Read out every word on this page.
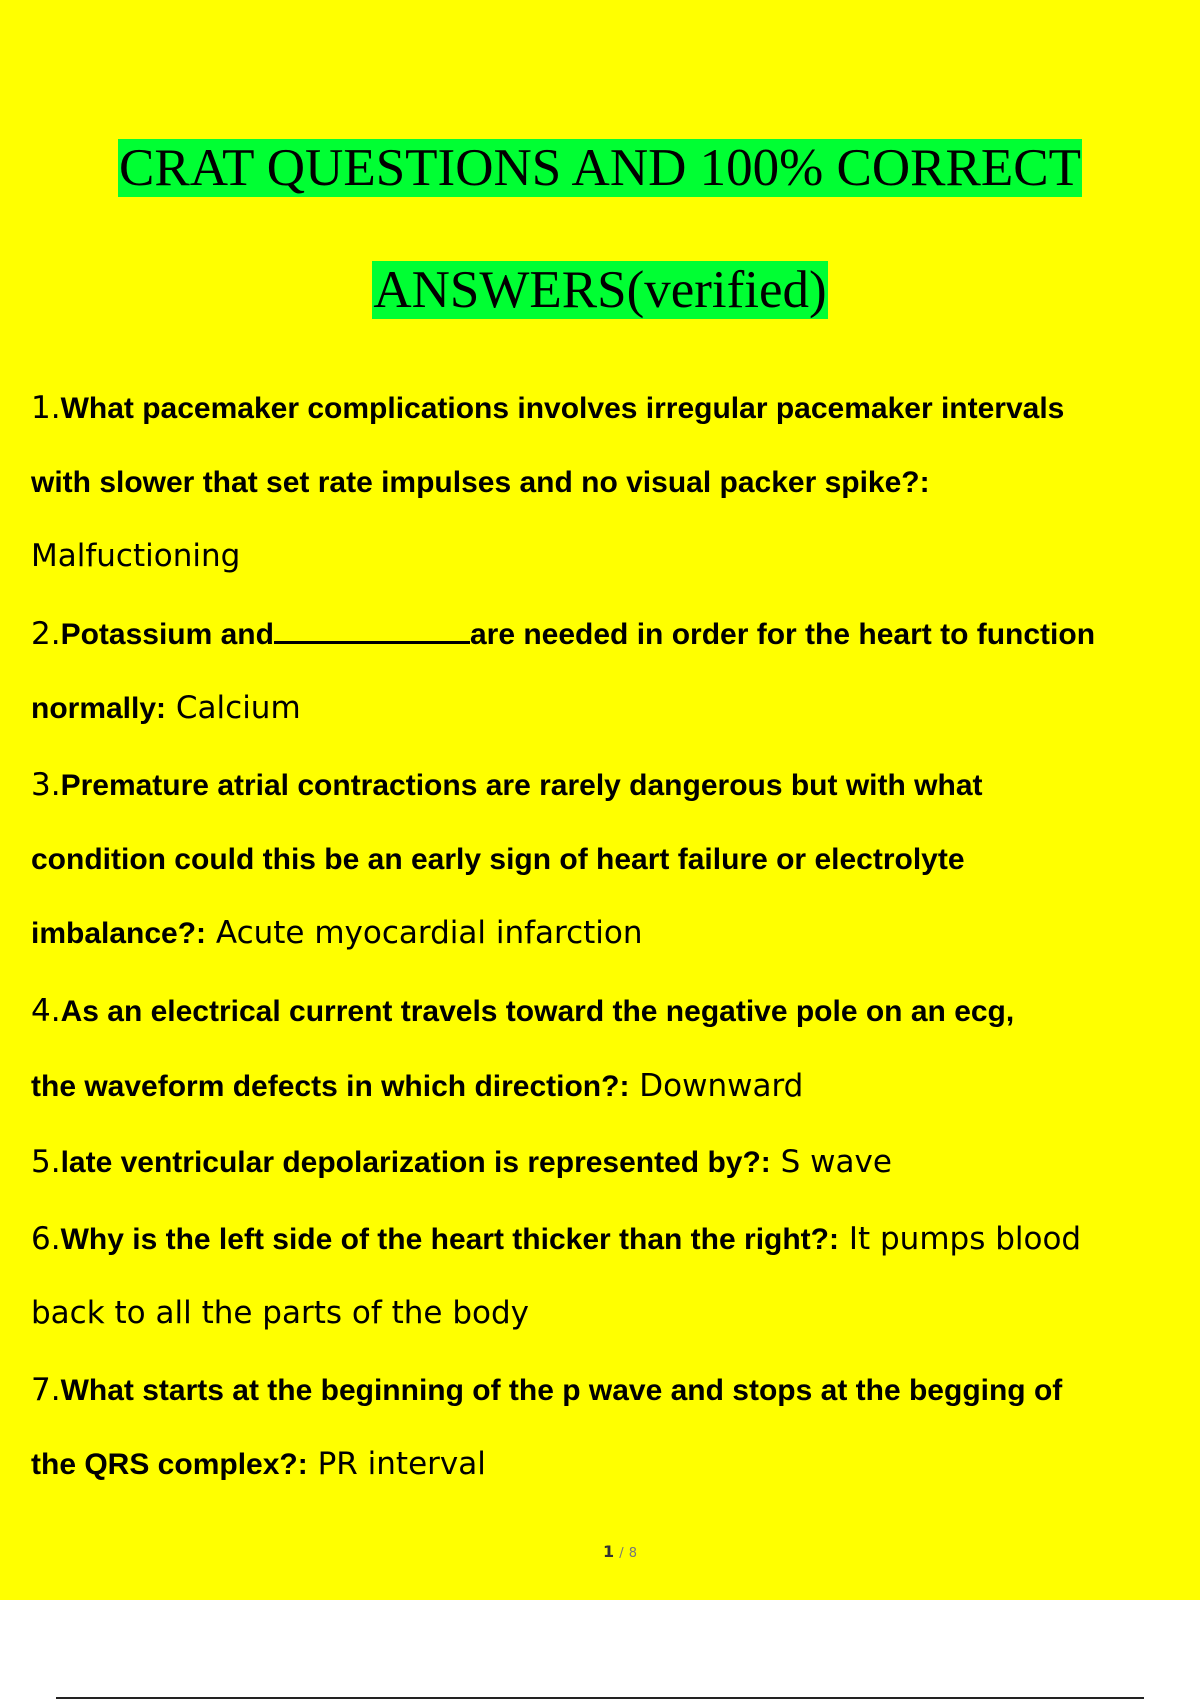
CRAT QUESTIONS AND 100% CORRECT
ANSWERS(verified)
1.What pacemaker complications involves irregular pacemaker intervals
with slower that set rate impulses and no visual packer spike?:
Malfuctioning
2.Potassium and	are needed in order for the heart to function
normally: Calcium
3.Premature atrial contractions are rarely dangerous but with what
condition could this be an early sign of heart failure or electrolyte
imbalance?: Acute myocardial infarction
4.As an electrical current travels toward the negative pole on an ecg,
the waveform defects in which direction?: Downward
5.late ventricular depolarization is represented by?: S wave
6.Why is the left side of the heart thicker than the right?: It pumps blood
back to all the parts of the body
7.What starts at the beginning of the p wave and stops at the begging of
the QRS complex?: PR interval
1 / 8
